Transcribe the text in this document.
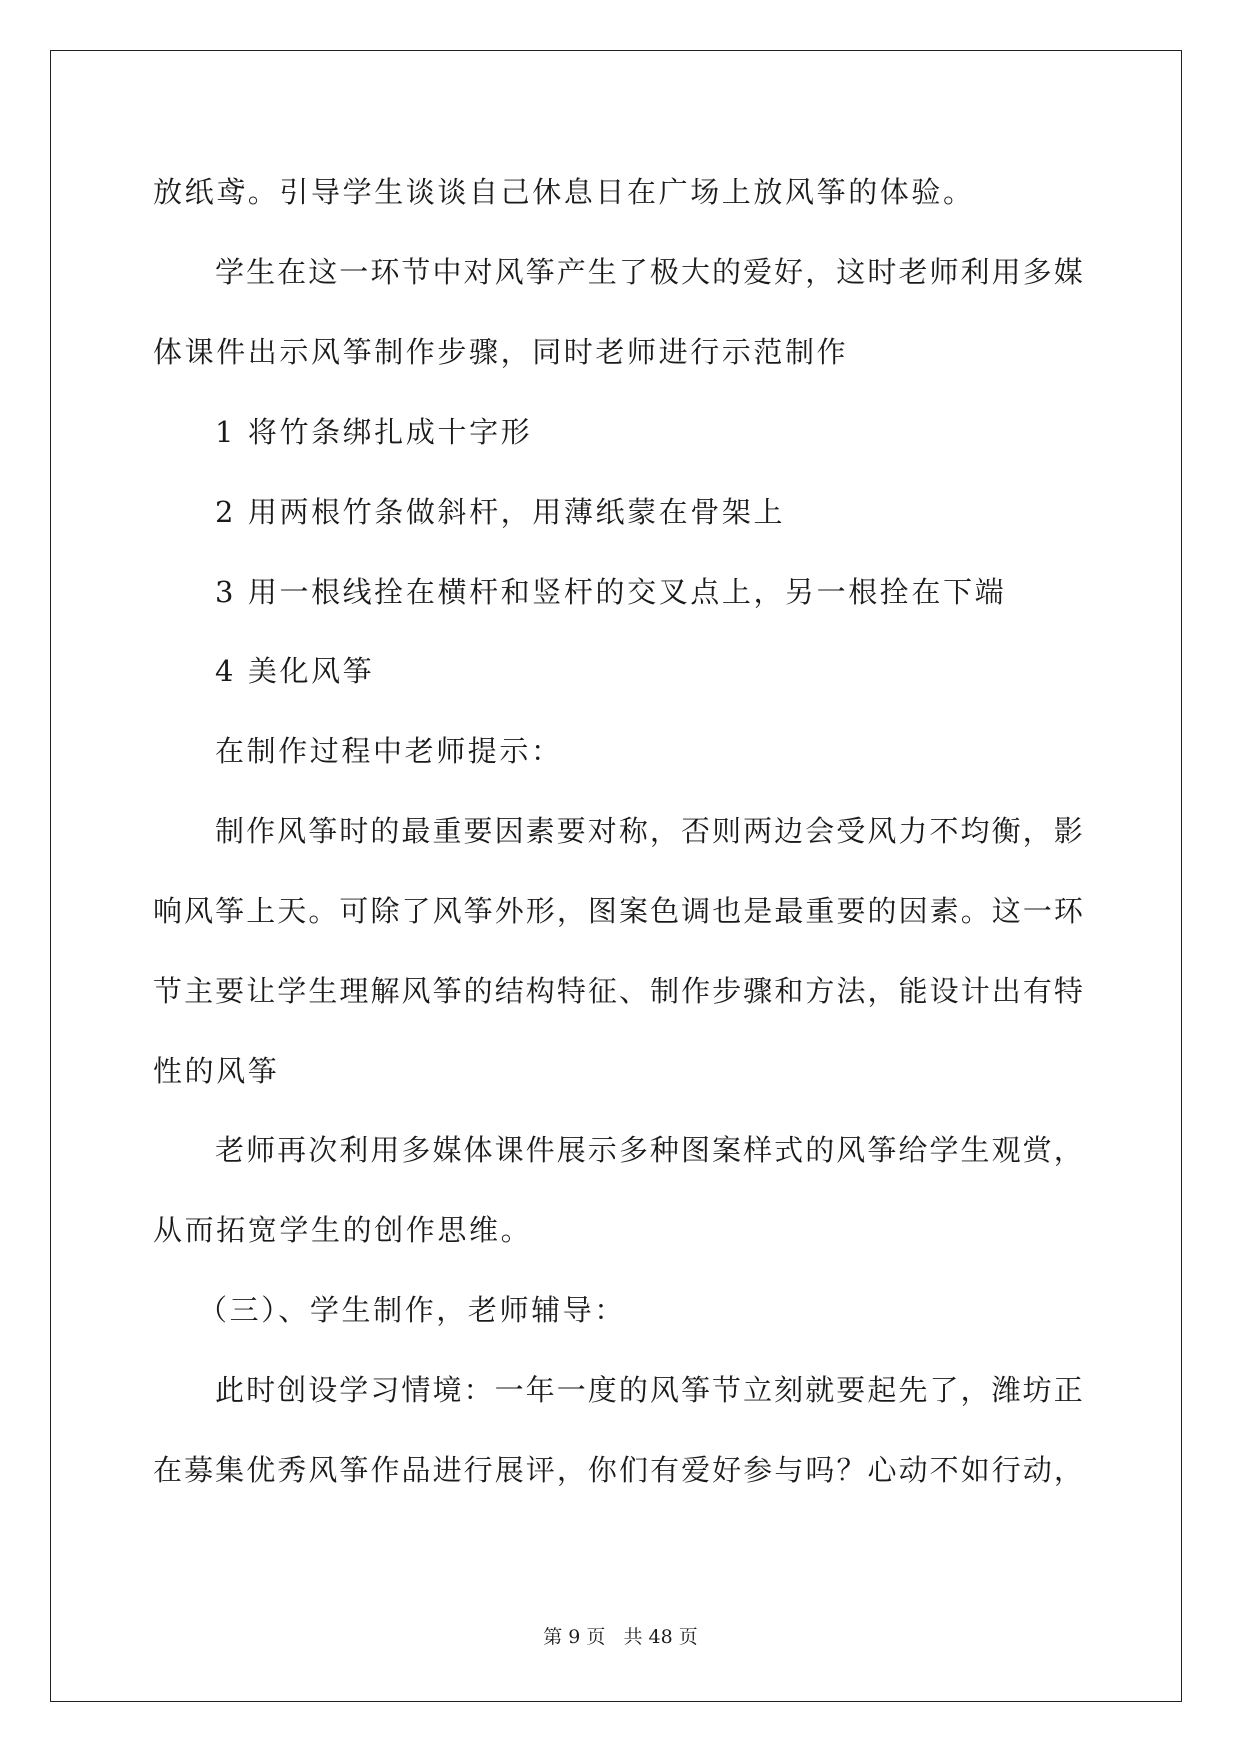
放纸鸢。引导学生谈谈自己休息日在广场上放风筝的体验。
学生在这一环节中对风筝产生了极大的爱好，这时老师利用多媒
体课件出示风筝制作步骤，同时老师进行示范制作
1 将竹条绑扎成十字形
2 用两根竹条做斜杆，用薄纸蒙在骨架上
3 用一根线拴在横杆和竖杆的交叉点上，另一根拴在下端
4 美化风筝
在制作过程中老师提示：
制作风筝时的最重要因素要对称，否则两边会受风力不均衡，影
响风筝上天。可除了风筝外形，图案色调也是最重要的因素。这一环
节主要让学生理解风筝的结构特征、制作步骤和方法，能设计出有特
性的风筝
老师再次利用多媒体课件展示多种图案样式的风筝给学生观赏，
从而拓宽学生的创作思维。
（三）、学生制作，老师辅导：
此时创设学习情境：一年一度的风筝节立刻就要起先了，潍坊正
在募集优秀风筝作品进行展评，你们有爱好参与吗？心动不如行动，
第 9 页   共 48 页
